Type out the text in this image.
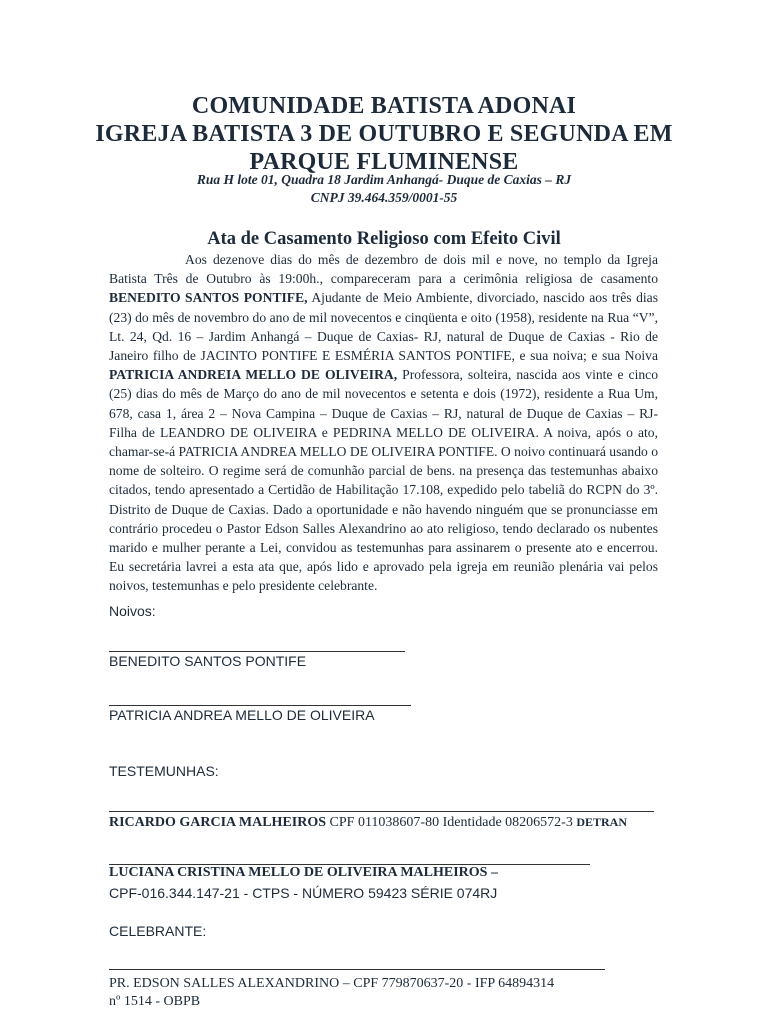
COMUNIDADE BATISTA ADONAI
IGREJA BATISTA 3 DE OUTUBRO E SEGUNDA EM
PARQUE FLUMINENSE
Rua H lote 01, Quadra 18 Jardim Anhangá- Duque de Caxias – RJ
CNPJ 39.464.359/0001-55
Ata de Casamento Religioso com Efeito Civil

Aos dezenove dias do mês de dezembro de dois mil e nove, no templo da Igreja Batista Três de Outubro às 19:00h., compareceram para a cerimônia religiosa de casamento BENEDITO SANTOS PONTIFE, Ajudante de Meio Ambiente, divorciado, nascido aos três dias (23) do mês de novembro do ano de mil novecentos e cinqüenta e oito (1958), residente na Rua “V”, Lt. 24, Qd. 16 – Jardim Anhangá – Duque de Caxias- RJ, natural de Duque de Caxias - Rio de Janeiro filho de JACINTO PONTIFE E ESMÉRIA SANTOS PONTIFE, e sua noiva; e sua Noiva PATRICIA ANDREIA MELLO DE OLIVEIRA, Professora, solteira, nascida aos vinte e cinco (25) dias do mês de Março do ano de mil novecentos e setenta e dois (1972), residente a Rua Um, 678, casa 1, área 2 – Nova Campina – Duque de Caxias – RJ, natural de Duque de Caxias – RJ- Filha de LEANDRO DE OLIVEIRA e PEDRINA MELLO DE OLIVEIRA. A noiva, após o ato, chamar-se-á PATRICIA ANDREA MELLO DE OLIVEIRA PONTIFE. O noivo continuará usando o nome de solteiro. O regime será de comunhão parcial de bens. na presença das testemunhas abaixo citados, tendo apresentado a Certidão de Habilitação 17.108, expedido pelo tabeliã do RCPN do 3º. Distrito de Duque de Caxias. Dado a oportunidade e não havendo ninguém que se pronunciasse em contrário procedeu o Pastor Edson Salles Alexandrino ao ato religioso, tendo declarado os nubentes marido e mulher perante a Lei, convidou as testemunhas para assinarem o presente ato e encerrou. Eu secretária lavrei a esta ata que, após lido e aprovado pela igreja em reunião plenária vai pelos noivos, testemunhas e pelo presidente celebrante.

Noivos:
BENEDITO SANTOS PONTIFE
PATRICIA ANDREA MELLO DE OLIVEIRA
TESTEMUNHAS:
RICARDO GARCIA MALHEIROS CPF 011038607-80 Identidade 08206572-3 DETRAN
LUCIANA CRISTINA MELLO DE OLIVEIRA MALHEIROS –
CPF-016.344.147-21 - CTPS - NÚMERO 59423 SÉRIE 074RJ
CELEBRANTE:
PR. EDSON SALLES ALEXANDRINO – CPF 779870637-20 - IFP 64894314
nº 1514 - OBPB
